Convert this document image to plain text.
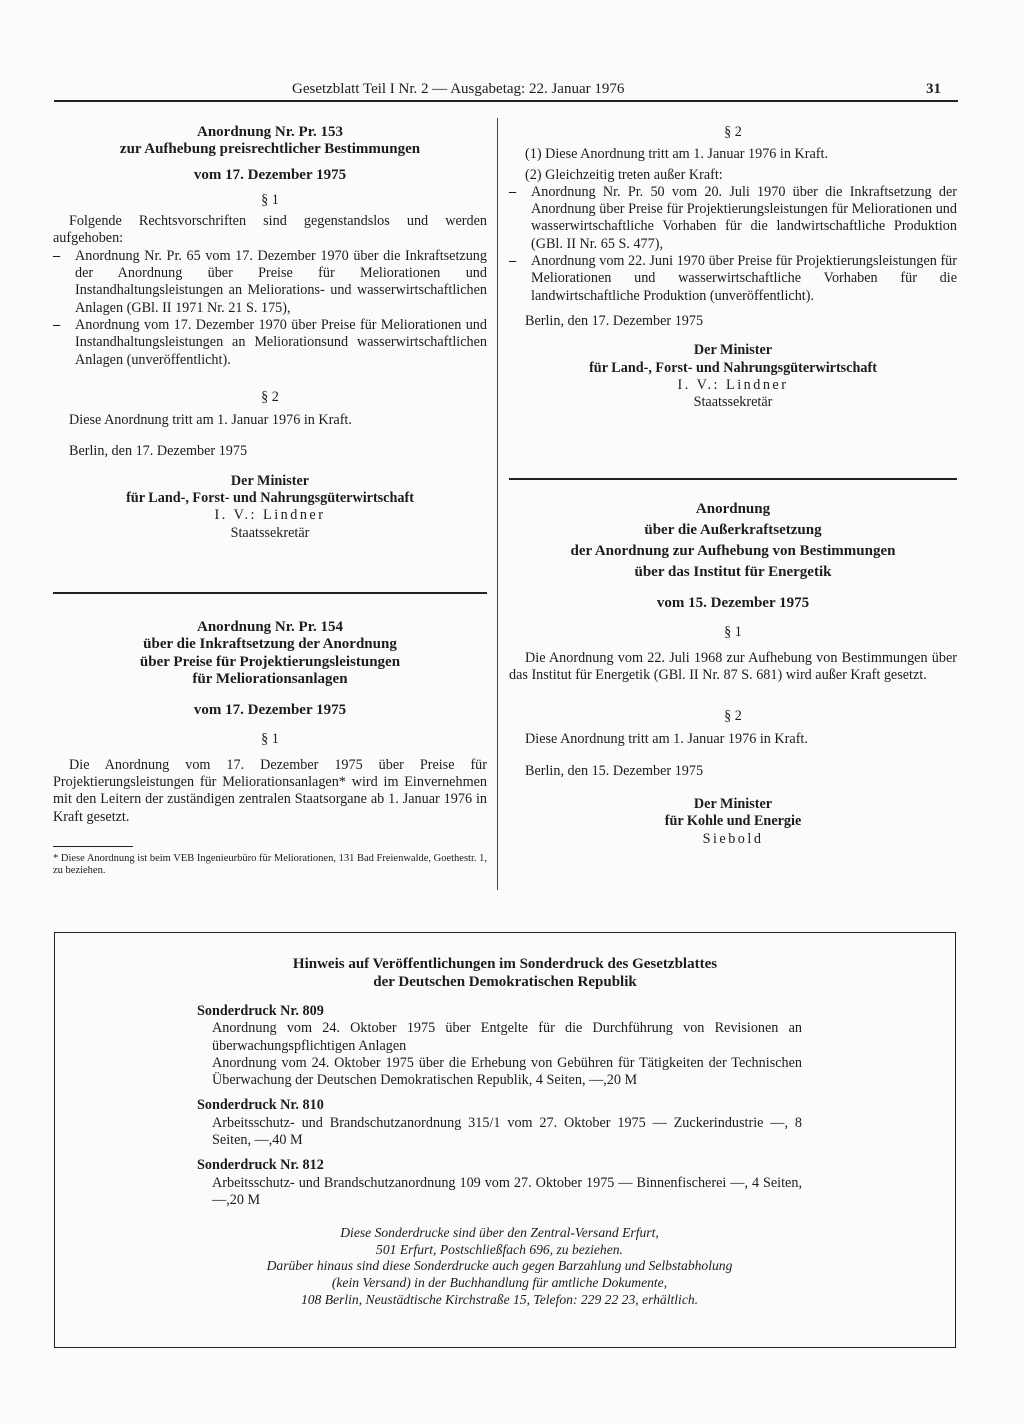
Gesetzblatt Teil I Nr. 2 — Ausgabetag: 22. Januar 1976	31

Anordnung Nr. Pr. 153

zur Aufhebung preisrechtlicher Bestimmungen

vom 17. Dezember 1975

§ 1

Folgende Rechtsvorschriften sind gegenstandslos und werden aufgehoben:

– Anordnung Nr. Pr. 65 vom 17. Dezember 1970 über die Inkraftsetzung der Anordnung über Preise für Meliorationen und Instandhaltungsleistungen an Meliorations- und wasserwirtschaftlichen Anlagen (GBl. II 1971 Nr. 21 S. 175),

– Anordnung vom 17. Dezember 1970 über Preise für Meliorationen und Instandhaltungsleistungen an Meliorationsund wasserwirtschaftlichen Anlagen (unveröffentlicht).

§ 2

Diese Anordnung tritt am 1. Januar 1976 in Kraft.

Berlin, den 17. Dezember 1975

Der Minister

für Land-, Forst- und Nahrungsgüterwirtschaft

I. V.: Lindner

Staatssekretär

Anordnung Nr. Pr. 154

über die Inkraftsetzung der Anordnung

über Preise für Projektierungsleistungen

für Meliorationsanlagen

vom 17. Dezember 1975

§ 1

Die Anordnung vom 17. Dezember 1975 über Preise für Projektierungsleistungen für Meliorationsanlagen* wird im Einvernehmen mit den Leitern der zuständigen zentralen Staatsorgane ab 1. Januar 1976 in Kraft gesetzt.

* Diese Anordnung ist beim VEB Ingenieurbüro für Meliorationen, 131 Bad Freienwalde, Goethestr. 1, zu beziehen.

§ 2

(1) Diese Anordnung tritt am 1. Januar 1976 in Kraft.

(2) Gleichzeitig treten außer Kraft:

– Anordnung Nr. Pr. 50 vom 20. Juli 1970 über die Inkraftsetzung der Anordnung über Preise für Projektierungsleistungen für Meliorationen und wasserwirtschaftliche Vorhaben für die landwirtschaftliche Produktion (GBl. II Nr. 65 S. 477),

– Anordnung vom 22. Juni 1970 über Preise für Projektierungsleistungen für Meliorationen und wasserwirtschaftliche Vorhaben für die landwirtschaftliche Produktion (unveröffentlicht).

Berlin, den 17. Dezember 1975

Der Minister

für Land-, Forst- und Nahrungsgüterwirtschaft

I. V.: Lindner

Staatssekretär

Anordnung

über die Außerkraftsetzung

der Anordnung zur Aufhebung von Bestimmungen

über das Institut für Energetik

vom 15. Dezember 1975

§ 1

Die Anordnung vom 22. Juli 1968 zur Aufhebung von Bestimmungen über das Institut für Energetik (GBl. II Nr. 87 S. 681) wird außer Kraft gesetzt.

§ 2

Diese Anordnung tritt am 1. Januar 1976 in Kraft.

Berlin, den 15. Dezember 1975

Der Minister

für Kohle und Energie

Siebold

Hinweis auf Veröffentlichungen im Sonderdruck des Gesetzblattes
der Deutschen Demokratischen Republik

Sonderdruck Nr. 809

Anordnung vom 24. Oktober 1975 über Entgelte für die Durchführung von Revisionen an überwachungspflichtigen Anlagen

Anordnung vom 24. Oktober 1975 über die Erhebung von Gebühren für Tätigkeiten der Technischen Überwachung der Deutschen Demokratischen Republik, 4 Seiten, —,20 M

Sonderdruck Nr. 810

Arbeitsschutz- und Brandschutzanordnung 315/1 vom 27. Oktober 1975 — Zuckerindustrie —, 8 Seiten, —,40 M

Sonderdruck Nr. 812

Arbeitsschutz- und Brandschutzanordnung 109 vom 27. Oktober 1975 — Binnenfischerei —, 4 Seiten, —,20 M

Diese Sonderdrucke sind über den Zentral-Versand Erfurt,

501 Erfurt, Postschließfach 696, zu beziehen.

Darüber hinaus sind diese Sonderdrucke auch gegen Barzahlung und Selbstabholung

(kein Versand) in der Buchhandlung für amtliche Dokumente,

108 Berlin, Neustädtische Kirchstraße 15, Telefon: 229 22 23, erhältlich.
